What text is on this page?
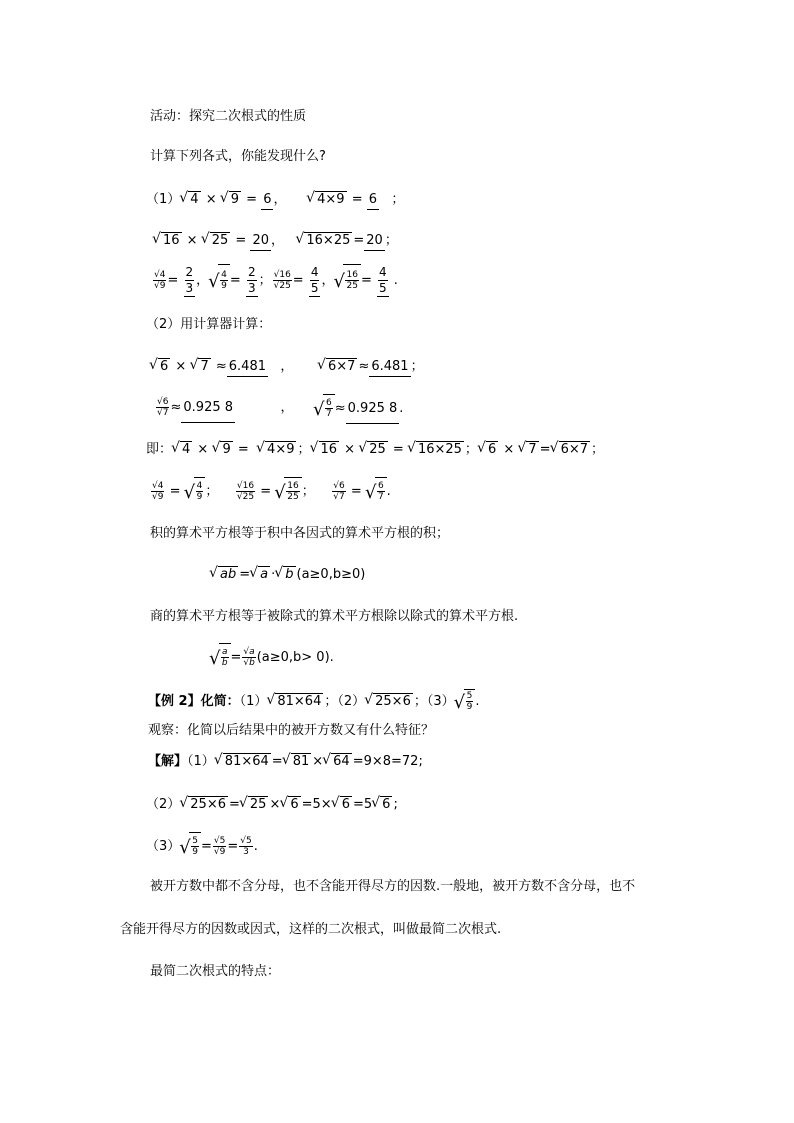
活动：探究二次根式的性质
计算下列各式，你能发现什么?
（1） √ 4 × √ 9 = 6 ，     √ 4×9 = 6   ；
√ 16 × √ 25 = 20 ，   √ 16×25 = 20 ；
$\frac{√4}{√9} = \frac{2}{3}$ ， √ $\frac{4}{9} = \frac{2}{3}$ ； $\frac{√16}{√25} = \frac{4}{5}$ ， √ $\frac{16}{25} = \frac{4}{5}$ .
（2）用计算器计算：
√ 6 × √ 7 ≈ 6.481   ，	√ 6×7 ≈ 6.481 ；
$\frac{√6}{√7} \approx 0.925$ 8           ，	√ $\frac{6}{7} \approx 0.925$ 8 .
即： √ 4 × √ 9 =  √ 4×9 ； √ 16 × √ 25 = √ 16×25 ； √ 6 × √ 7 = √ 6×7 ；
$\frac{√4}{√9}$ = √ $\frac{4}{9}$ ； $\frac{√16}{√25}$ = √ $\frac{16}{25}$ ； $\frac{√6}{√7}$ = √ $\frac{6}{7}$ .
积的算术平方根等于积中各因式的算术平方根的积；
√ ab = √ a · √ b (a≥0,b≥0)
商的算术平方根等于被除式的算术平方根除以除式的算术平方根.
√ $\frac{a}{b} = \frac{√a}{√b} (a\ge 0,b> 0)$.
【例 2】化简：（1） √ 81×64 ；（2） √ 25×6 ；（3） √ $\frac{5}{9}$ .
观察：化简以后结果中的被开方数又有什么特征？
【解】（1） √ 81×64 = √ 81 × √ 64 =9×8=72;
（2） √ 25×6 = √ 25 × √ 6 =5× √ 6 =5 √ 6 ;
（3） √ $\frac{5}{9} = \frac{√5}{√9} = \frac{√5}{3}$ .
被开方数中都不含分母，也不含能开得尽方的因数.一般地，被开方数不含分母，也不
含能开得尽方的因数或因式，这样的二次根式，叫做最简二次根式.
最简二次根式的特点：
